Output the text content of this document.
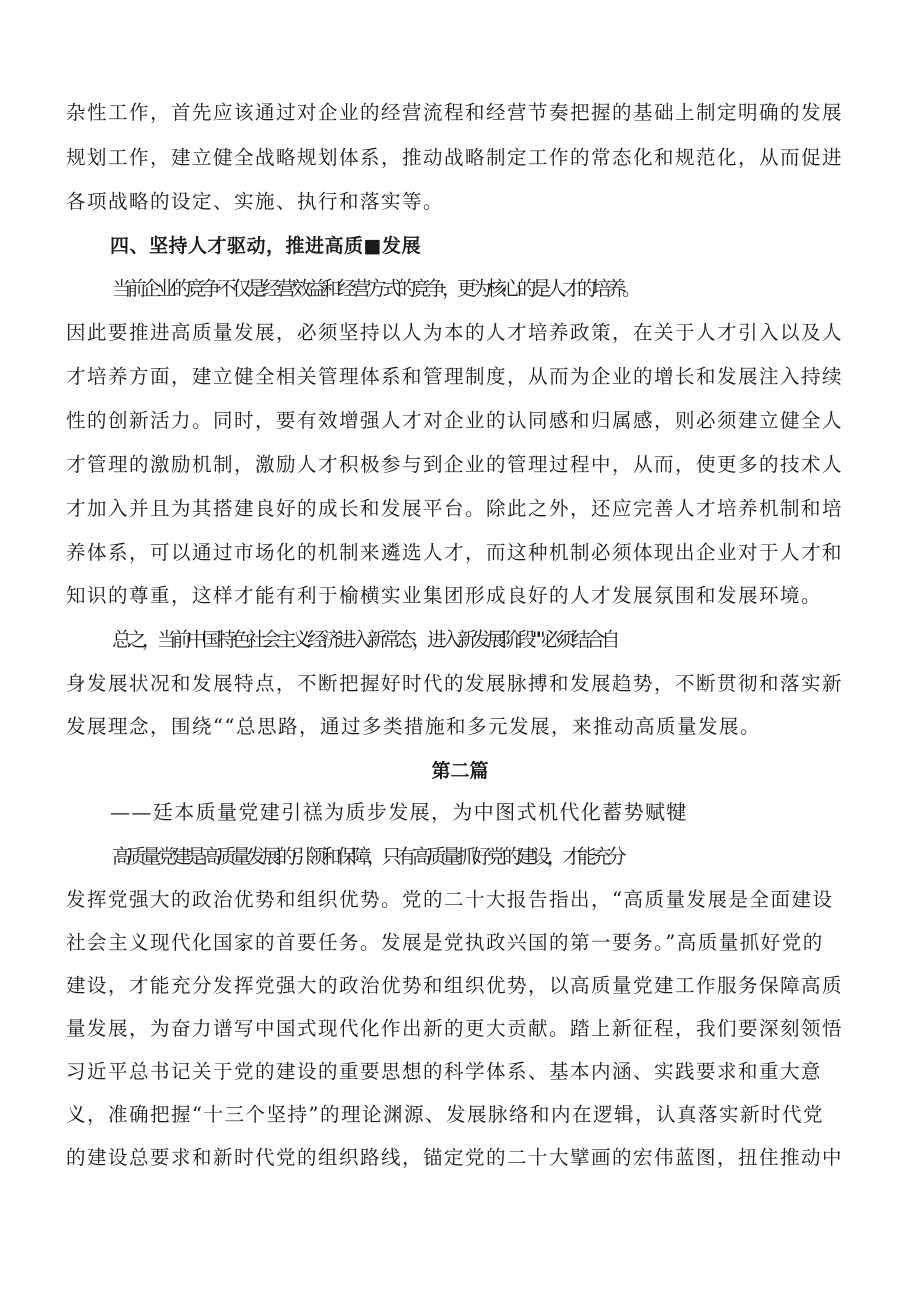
杂性工作，首先应该通过对企业的经营流程和经营节奏把握的基础上制定明确的发展
规划工作，建立健全战略规划体系，推动战略制定工作的常态化和规范化，从而促进
各项战略的设定、实施、执行和落实等。
四、坚持人才驱动，推进高质■发展
当前企业的竞争不仅是经营效益和经营方式的竞争，更为核心的是人才的培养。
因此要推进高质量发展，必须坚持以人为本的人才培养政策，在关于人才引入以及人
才培养方面，建立健全相关管理体系和管理制度，从而为企业的增长和发展注入持续
性的创新活力。同时，要有效增强人才对企业的认同感和归属感，则必须建立健全人
才管理的激励机制，激励人才积极参与到企业的管理过程中，从而，使更多的技术人
才加入并且为其搭建良好的成长和发展平台。除此之外，还应完善人才培养机制和培
养体系，可以通过市场化的机制来遴选人才，而这种机制必须体现出企业对于人才和
知识的尊重，这样才能有利于榆横实业集团形成良好的人才发展氛围和发展环境。
总之，当前中国特色社会主义经济进入新常态，进入新发展阶段""必须结合自
身发展状况和发展特点，不断把握好时代的发展脉搏和发展趋势，不断贯彻和落实新
发展理念，围绕““总思路，通过多类措施和多元发展，来推动高质量发展。
第二篇
——廷本质量党建引禚为质步发展，为中图式机代化蓄势赋犍
高质量党建是高质量发展的引领和保障，只有高质量抓好党的建设，才能充分
发挥党强大的政治优势和组织优势。党的二十大报告指出，“高质量发展是全面建设
社会主义现代化国家的首要任务。发展是党执政兴国的第一要务。”高质量抓好党的
建设，才能充分发挥党强大的政治优势和组织优势，以高质量党建工作服务保障高质
量发展，为奋力谱写中国式现代化作出新的更大贡献。踏上新征程，我们要深刻领悟
习近平总书记关于党的建设的重要思想的科学体系、基本内涵、实践要求和重大意
义，准确把握“十三个坚持”的理论渊源、发展脉络和内在逻辑，认真落实新时代党
的建设总要求和新时代党的组织路线，锚定党的二十大擘画的宏伟蓝图，扭住推动中
